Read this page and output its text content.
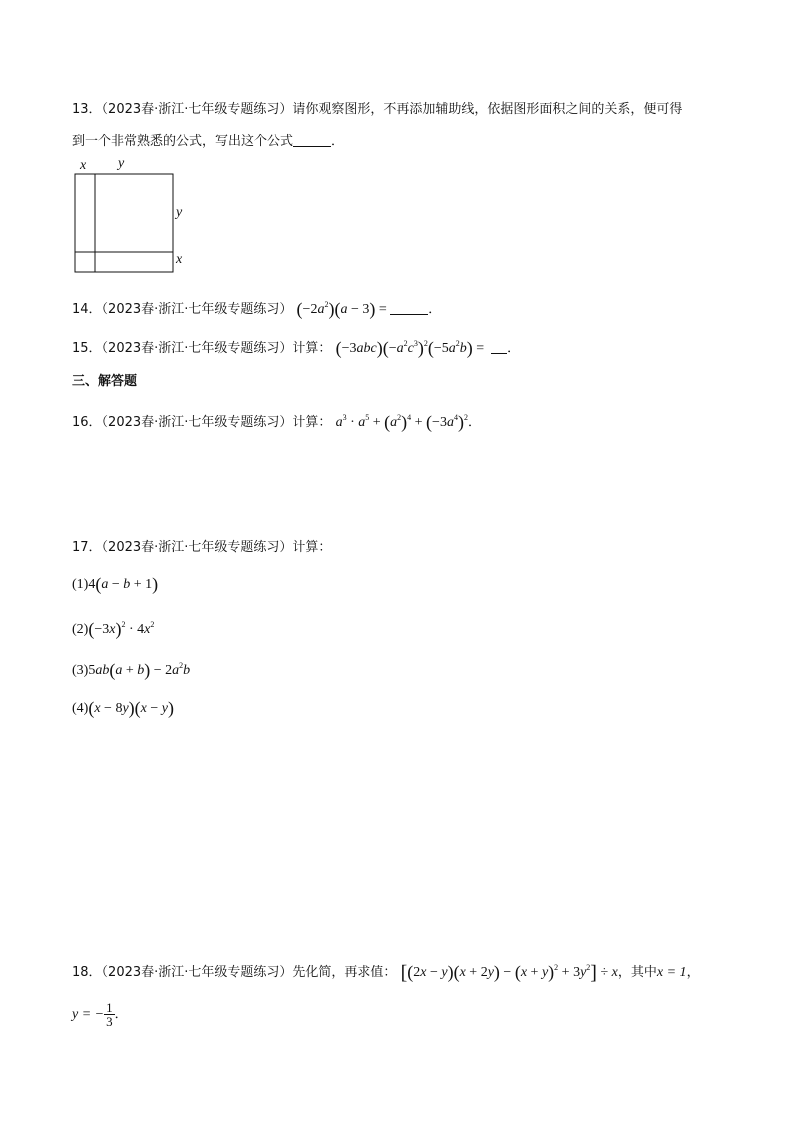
13．（2023春·浙江·七年级专题练习）请你观察图形，不再添加辅助线，依据图形面积之间的关系，便可得
到一个非常熟悉的公式，写出这个公式	．
x y
y
x
14．（2023春·浙江·七年级专题练习） $(-2a^2)(a - 3)$ =	．
15．（2023春·浙江·七年级专题练习）计算： $(-3abc)(-a^2c^3)^2(-5a^2b)$ =  ．
三、解答题
16．（2023春·浙江·七年级专题练习）计算： $a^3 \cdot a^5 + (a^2)^4 + (-3a^4)^2$．
17．（2023春·浙江·七年级专题练习）计算：
(1)4(a − b + 1)
$(2)(-3x)^2 \cdot 4x^2$
$(3)5ab(a + b) - 2a^2b$
(4)(x − 8y)(x − y)
18．（2023春·浙江·七年级专题练习）先化简，再求值： $[(2x - y)(x + 2y) - (x + y)^2 + 3y^2] \div x$，其中x = 1，
y = − $\frac{1}{3}$ ．
